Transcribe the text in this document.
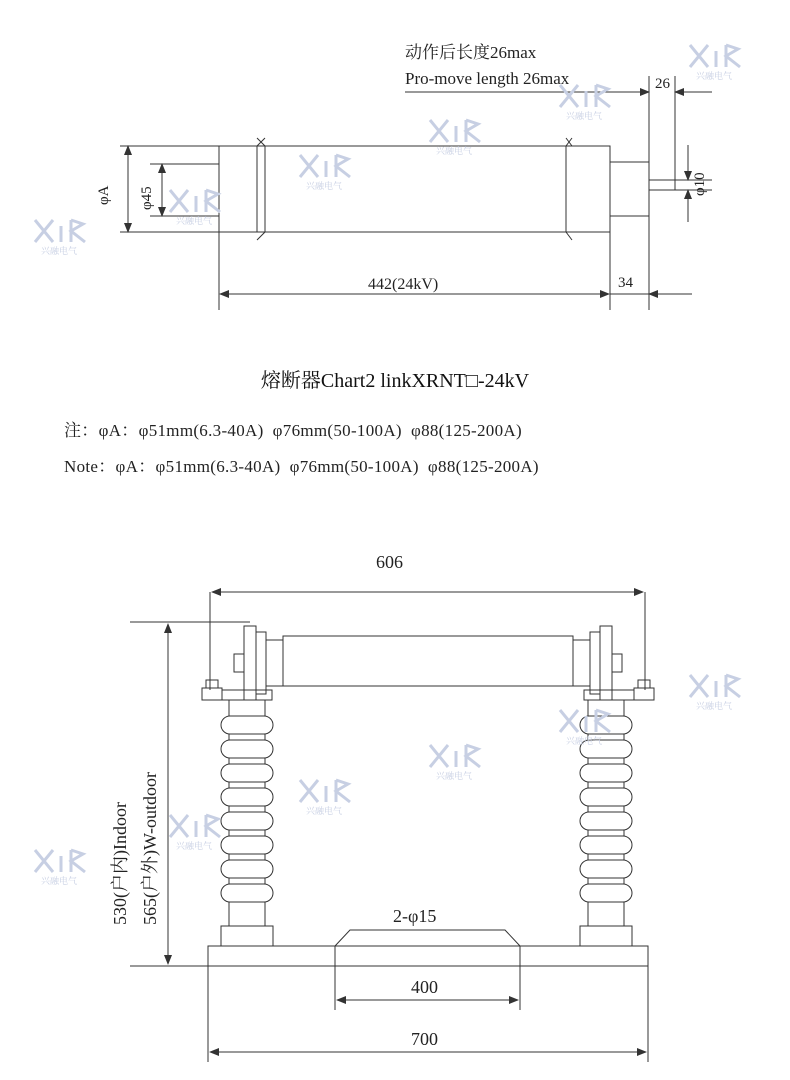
动作后长度26max
Pro-move length 26max	26
φ10
φA φ45
442(24kV)	34
606
530(户内)Indoor 565(户外)W-outdoor	2-φ15
400
700
兴融电气
兴融电气
兴融电气
兴融电气
兴融电气
兴融电气
兴融电气
兴融电气
兴融电气
兴融电气
兴融电气
兴融电气
熔断器Chart2 linkXRNT□-24kV
注：φA：φ51mm(6.3-40A)  φ76mm(50-100A)  φ88(125-200A)
Note：φA：φ51mm(6.3-40A)  φ76mm(50-100A)  φ88(125-200A)
